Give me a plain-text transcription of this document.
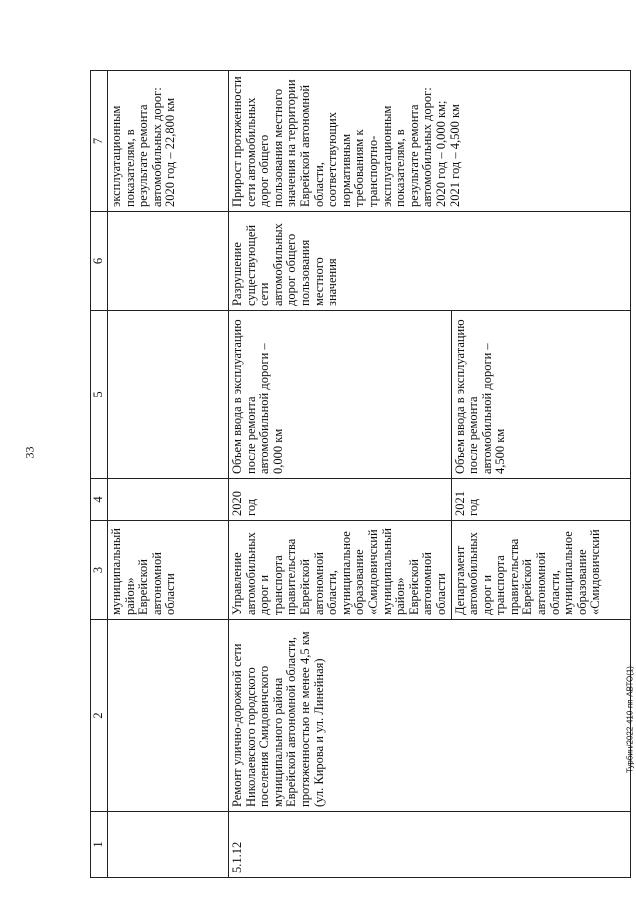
33
1	2	3	4	5	6	7
		муниципальный район» Еврейской автономной области				эксплуатационным показателям, в результате ремонта автомобильных дорог: 2020 год – 22,800 км
5.1.12	Ремонт улично-дорожной сети Николаевского городского поселения Смидовичского муниципального района Еврейской автономной области, протяженностью не менее 4,5 км (ул. Кирова и ул. Линейная)	Управление автомобильных дорог и транспорта правительства Еврейской автономной области, муниципальное образование «Смидовичский муниципальный район» Еврейской автономной области	2020 год	Объем ввода в эксплуатацию после ремонта автомобильной дороги – 0,000 км	Разрушение существующей сети автомобильных дорог общего пользования местного значения	Прирост протяженности сети автомобильных дорог общего пользования местного значения на территории Еврейской автономной области, соответствующих нормативным требованиям к транспортно-эксплуатационным показателям, в результате ремонта автомобильных дорог: 2020 год – 0,000 км; 2021 год – 4,500 км
		Департамент автомобильных дорог и транспорта правительства Еврейской автономной области, муниципальное образование «Смидовичский	2021 год	Объем ввода в эксплуатацию после ремонта автомобильной дороги – 4,500 км		
Турбин/2022-410-пп-АВТО(1)
